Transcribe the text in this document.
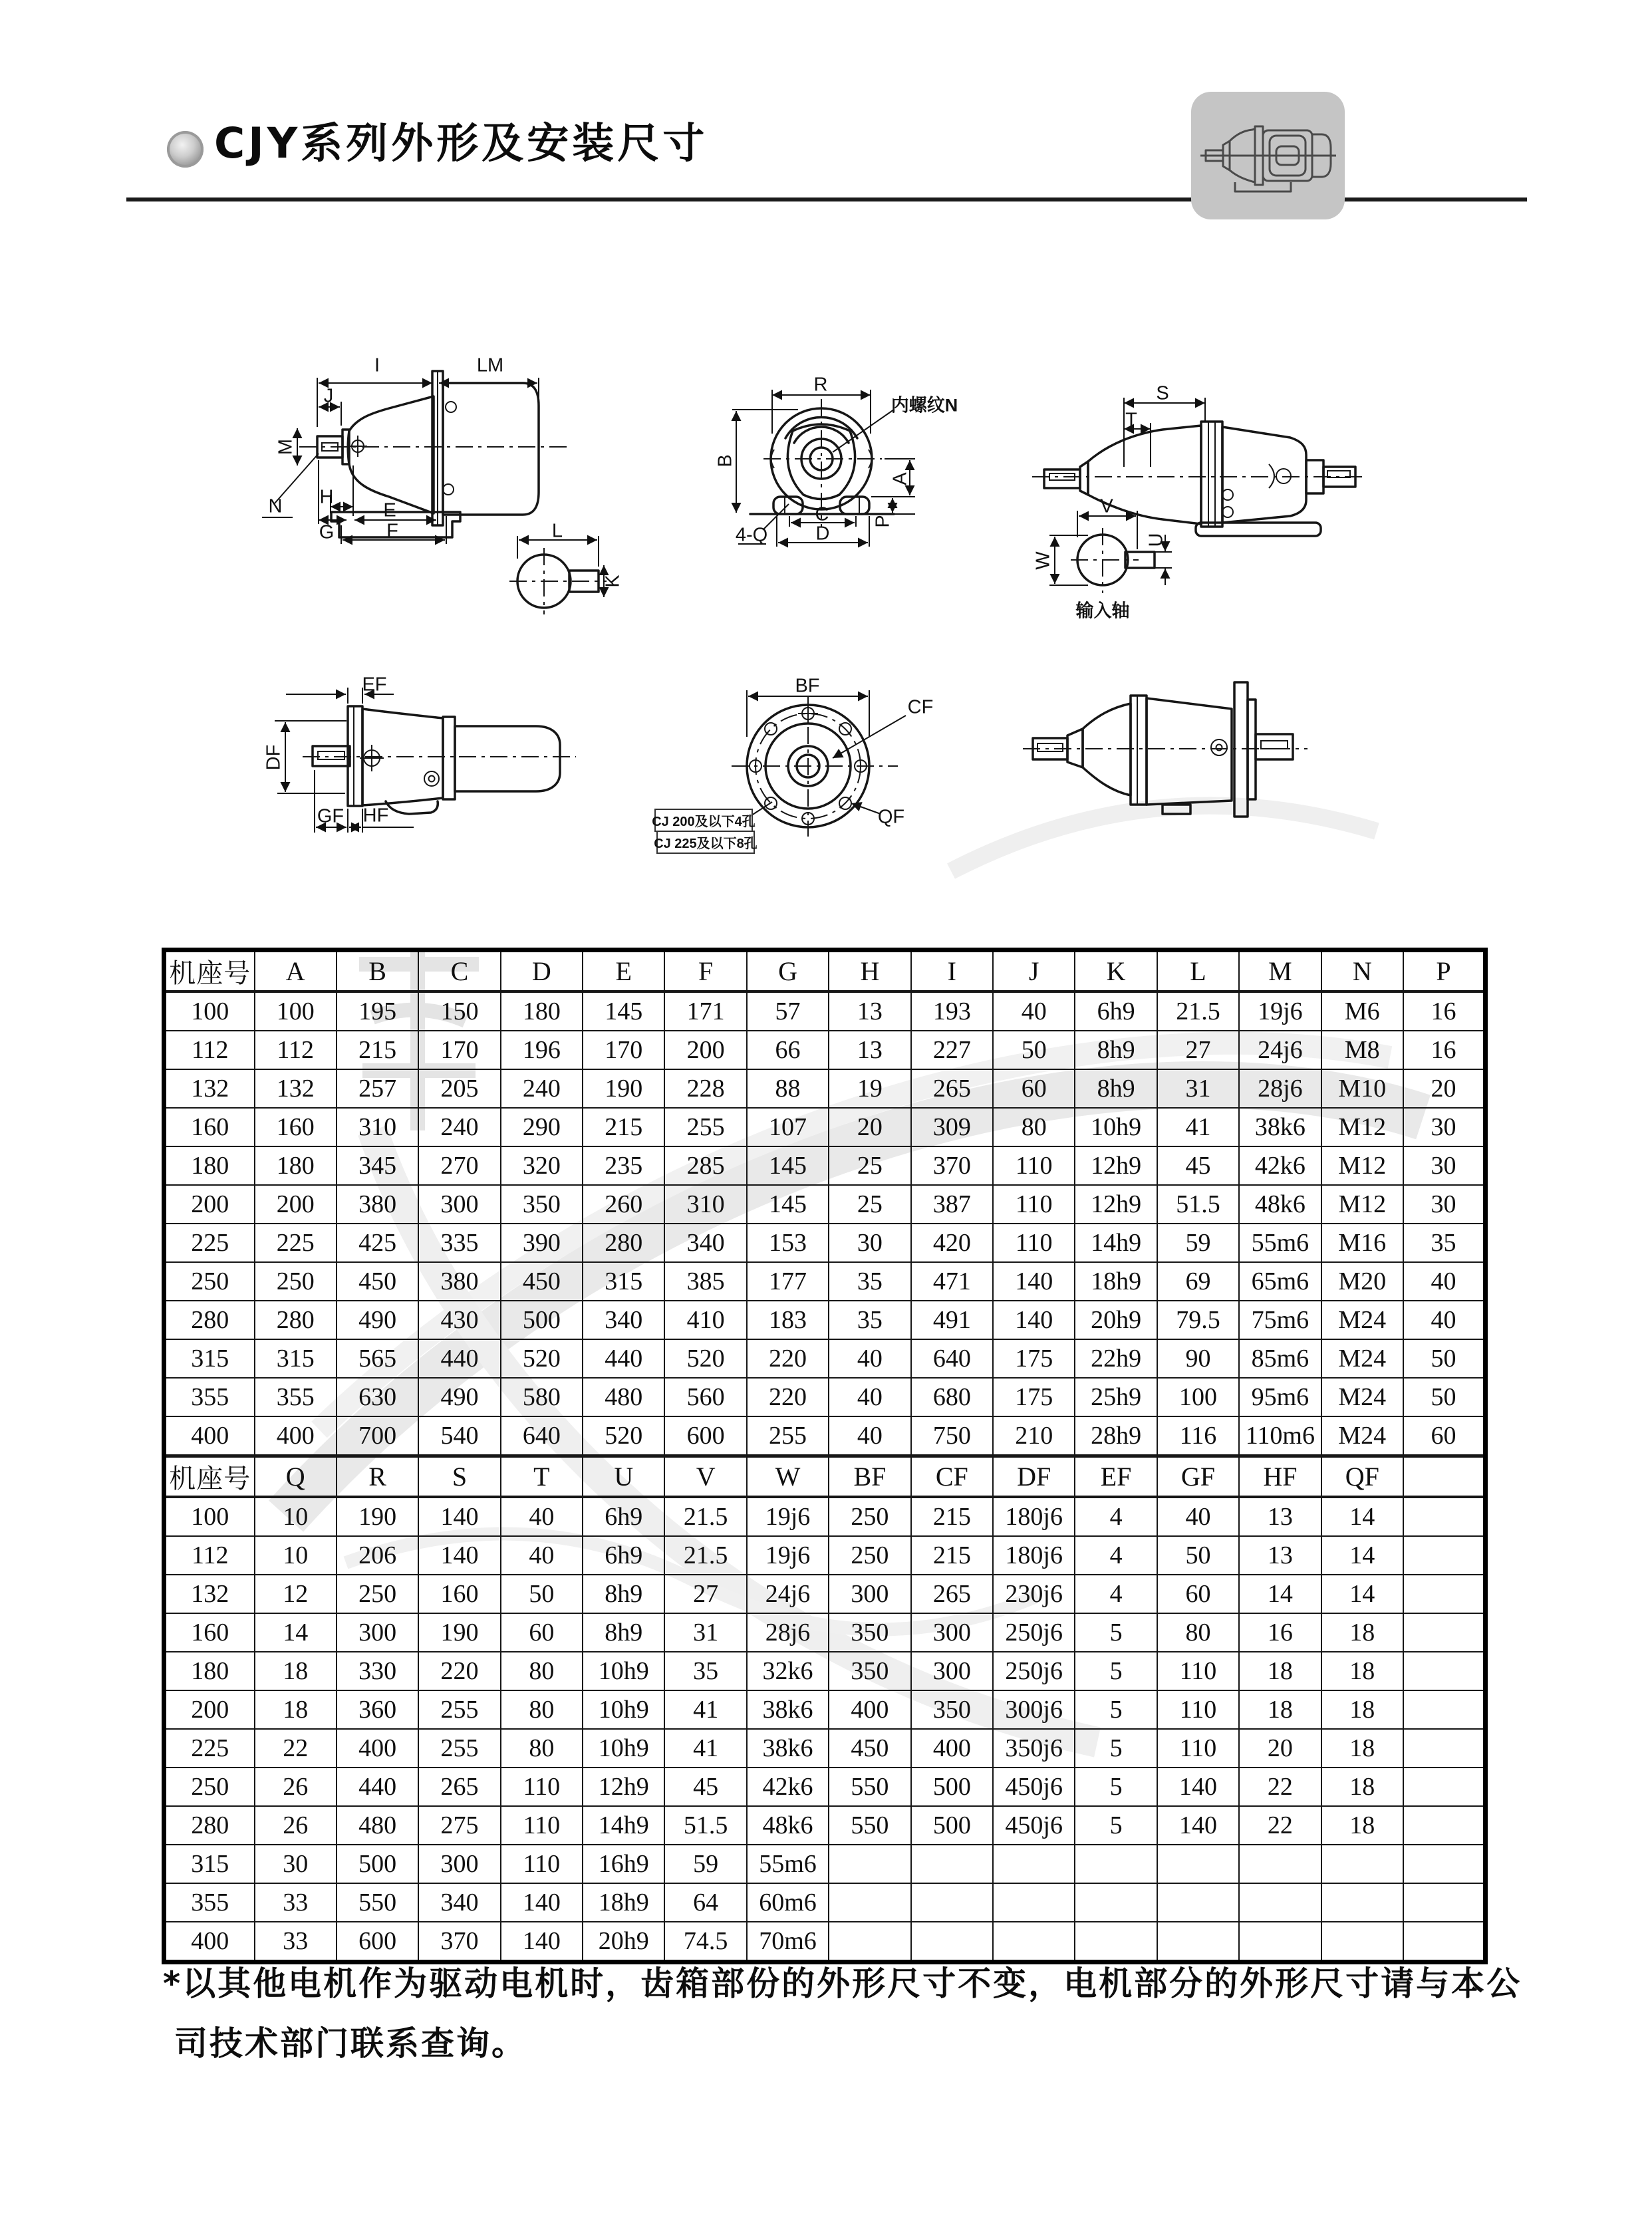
CJY系列外形及安装尺寸
I	LM
J
M
N H
E
G	F	L
K
R
内螺纹N
B
A
P
C
D
4-Q
S
T
V
W
U
输入轴
EF
DF
GF HF
BF
CF
QF
CJ 200及以下4孔
CJ 225及以下8孔
机座号	A	B	C	D	E	F	G	H	I	J	K	L	M	N	P
100	100	195	150	180	145	171	57	13	193	40	6h9	21.5	19j6	M6	16
112	112	215	170	196	170	200	66	13	227	50	8h9	27	24j6	M8	16
132	132	257	205	240	190	228	88	19	265	60	8h9	31	28j6	M10	20
160	160	310	240	290	215	255	107	20	309	80	10h9	41	38k6	M12	30
180	180	345	270	320	235	285	145	25	370	110	12h9	45	42k6	M12	30
200	200	380	300	350	260	310	145	25	387	110	12h9	51.5	48k6	M12	30
225	225	425	335	390	280	340	153	30	420	110	14h9	59	55m6	M16	35
250	250	450	380	450	315	385	177	35	471	140	18h9	69	65m6	M20	40
280	280	490	430	500	340	410	183	35	491	140	20h9	79.5	75m6	M24	40
315	315	565	440	520	440	520	220	40	640	175	22h9	90	85m6	M24	50
355	355	630	490	580	480	560	220	40	680	175	25h9	100	95m6	M24	50
400	400	700	540	640	520	600	255	40	750	210	28h9	116	110m6	M24	60
机座号	Q	R	S	T	U	V	W	BF	CF	DF	EF	GF	HF	QF	
100	10	190	140	40	6h9	21.5	19j6	250	215	180j6	4	40	13	14	
112	10	206	140	40	6h9	21.5	19j6	250	215	180j6	4	50	13	14	
132	12	250	160	50	8h9	27	24j6	300	265	230j6	4	60	14	14	
160	14	300	190	60	8h9	31	28j6	350	300	250j6	5	80	16	18	
180	18	330	220	80	10h9	35	32k6	350	300	250j6	5	110	18	18	
200	18	360	255	80	10h9	41	38k6	400	350	300j6	5	110	18	18	
225	22	400	255	80	10h9	41	38k6	450	400	350j6	5	110	20	18	
250	26	440	265	110	12h9	45	42k6	550	500	450j6	5	140	22	18	
280	26	480	275	110	14h9	51.5	48k6	550	500	450j6	5	140	22	18	
315	30	500	300	110	16h9	59	55m6								
355	33	550	340	140	18h9	64	60m6								
400	33	600	370	140	20h9	74.5	70m6								
*以其他电机作为驱动电机时，齿箱部份的外形尺寸不变，电机部分的外形尺寸请与本公
司技术部门联系查询。
